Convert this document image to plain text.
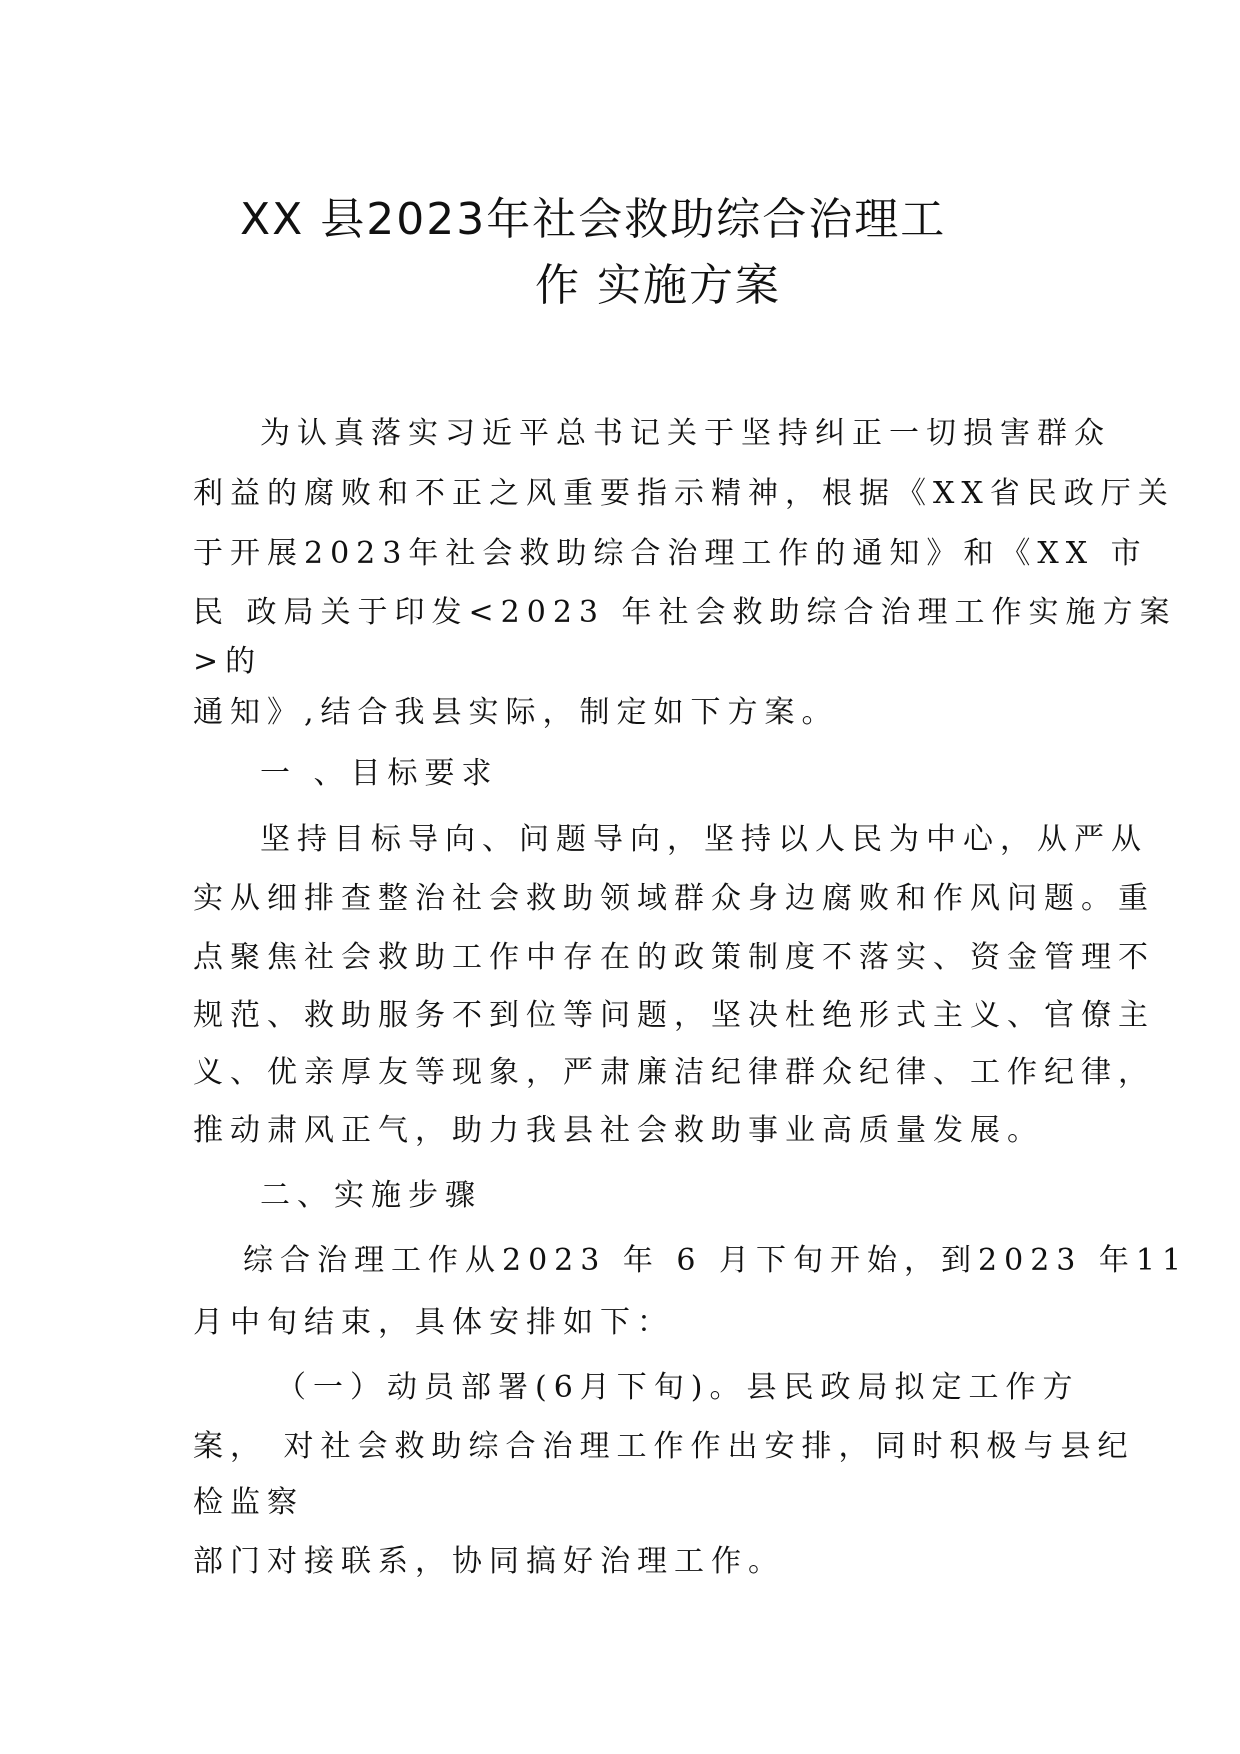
XX 县2023年社会救助综合治理工
作 实施方案
为认真落实习近平总书记关于坚持纠正一切损害群众
利益的腐败和不正之风重要指示精神，根据《XX省民政厅关
于开展2023年社会救助综合治理工作的通知》和《XX 市
民 政局关于印发<2023 年社会救助综合治理工作实施方案
>的
通知》,结合我县实际，制定如下方案。
一 、目标要求
坚持目标导向、问题导向，坚持以人民为中心，从严从
实从细排查整治社会救助领域群众身边腐败和作风问题。重
点聚焦社会救助工作中存在的政策制度不落实、资金管理不
规范、救助服务不到位等问题，坚决杜绝形式主义、官僚主
义、优亲厚友等现象，严肃廉洁纪律群众纪律、工作纪律，
推动肃风正气，助力我县社会救助事业高质量发展。
二、实施步骤
综合治理工作从2023 年 6 月下旬开始，到2023 年11
月中旬结束，具体安排如下：
（一）动员部署(6月下旬)。县民政局拟定工作方
案， 对社会救助综合治理工作作出安排，同时积极与县纪
检监察
部门对接联系，协同搞好治理工作。
